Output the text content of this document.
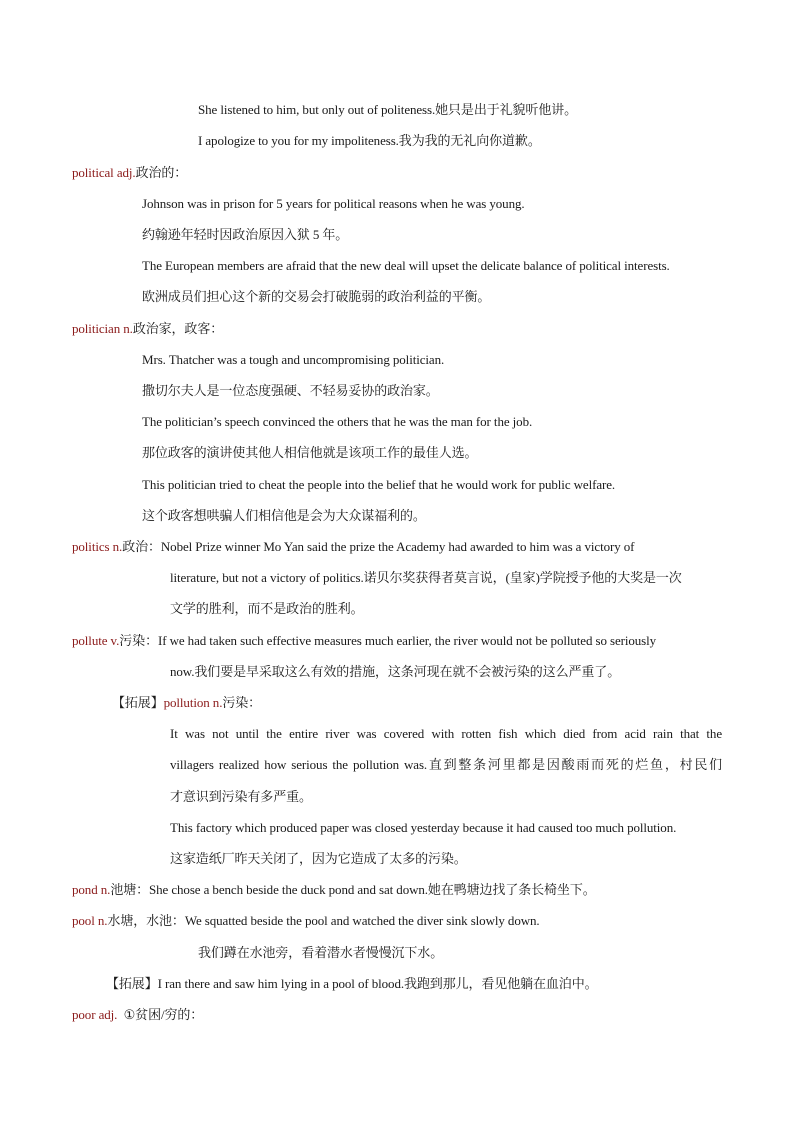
She listened to him, but only out of politeness.她只是出于礼貌听他讲。
I apologize to you for my impoliteness.我为我的无礼向你道歉。
political adj.政治的：
Johnson was in prison for 5 years for political reasons when he was young.
约翰逊年轻时因政治原因入狱 5 年。
The European members are afraid that the new deal will upset the delicate balance of political interests.
欧洲成员们担心这个新的交易会打破脆弱的政治利益的平衡。
politician n.政治家，政客：
Mrs. Thatcher was a tough and uncompromising politician.
撒切尔夫人是一位态度强硬、不轻易妥协的政治家。
The politician’s speech convinced the others that he was the man for the job.
那位政客的演讲使其他人相信他就是该项工作的最佳人选。
This politician tried to cheat the people into the belief that he would work for public welfare.
这个政客想哄骗人们相信他是会为大众谋福利的。
politics n.政治：Nobel Prize winner Mo Yan said the prize the Academy had awarded to him was a victory of
literature, but not a victory of politics.诺贝尔奖获得者莫言说，(皇家)学院授予他的大奖是一次
文学的胜利，而不是政治的胜利。
pollute v.污染：If we had taken such effective measures much earlier, the river would not be polluted so seriously
now.我们要是早采取这么有效的措施，这条河现在就不会被污染的这么严重了。
【拓展】pollution n.污染：
It was not until the entire river was covered with rotten fish which died from acid rain that the
villagers realized how serious the pollution was.直到整条河里都是因酸雨而死的烂鱼，村民们
才意识到污染有多严重。
This factory which produced paper was closed yesterday because it had caused too much pollution.
这家造纸厂昨天关闭了，因为它造成了太多的污染。
pond n.池塘：She chose a bench beside the duck pond and sat down.她在鸭塘边找了条长椅坐下。
pool n.水塘，水池：We squatted beside the pool and watched the diver sink slowly down.
我们蹲在水池旁，看着潜水者慢慢沉下水。
【拓展】I ran there and saw him lying in a pool of blood.我跑到那儿，看见他躺在血泊中。
poor adj. ①贫困/穷的：
